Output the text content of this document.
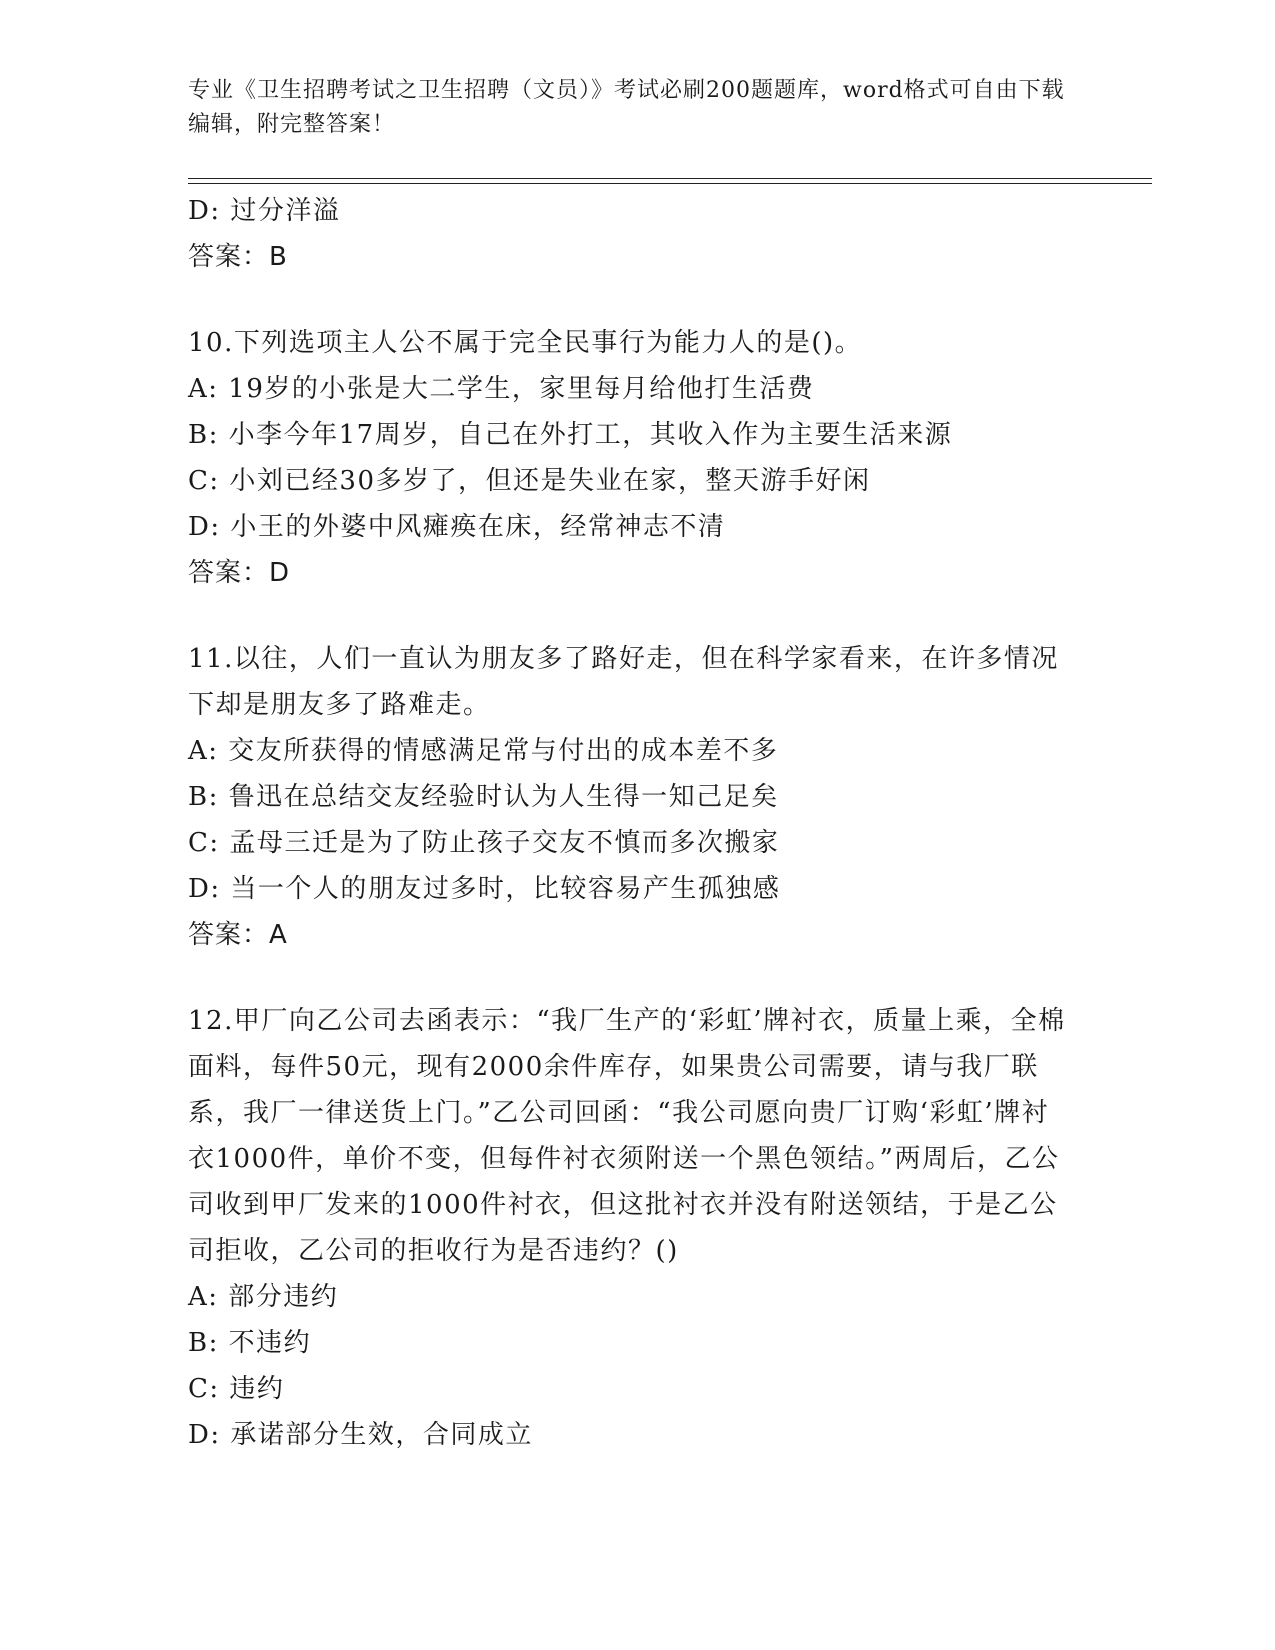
专业《卫生招聘考试之卫生招聘（文员）》考试必刷200题题库，word格式可自由下载编辑，附完整答案！
D: 过分洋溢
答案：B
10.下列选项主人公不属于完全民事行为能力人的是()。
A: 19岁的小张是大二学生，家里每月给他打生活费
B: 小李今年17周岁，自己在外打工，其收入作为主要生活来源
C: 小刘已经30多岁了，但还是失业在家，整天游手好闲
D: 小王的外婆中风瘫痪在床，经常神志不清
答案：D
11.以往，人们一直认为朋友多了路好走，但在科学家看来，在许多情况下却是朋友多了路难走。
A: 交友所获得的情感满足常与付出的成本差不多
B: 鲁迅在总结交友经验时认为人生得一知己足矣
C: 孟母三迁是为了防止孩子交友不慎而多次搬家
D: 当一个人的朋友过多时，比较容易产生孤独感
答案：A
12.甲厂向乙公司去函表示：“我厂生产的‘彩虹’牌衬衣，质量上乘，全棉面料，每件50元，现有2000余件库存，如果贵公司需要，请与我厂联系，我厂一律送货上门。”乙公司回函：“我公司愿向贵厂订购‘彩虹’牌衬衣1000件，单价不变，但每件衬衣须附送一个黑色领结。”两周后，乙公司收到甲厂发来的1000件衬衣，但这批衬衣并没有附送领结，于是乙公司拒收，乙公司的拒收行为是否违约？()
A: 部分违约
B: 不违约
C: 违约
D: 承诺部分生效，合同成立
